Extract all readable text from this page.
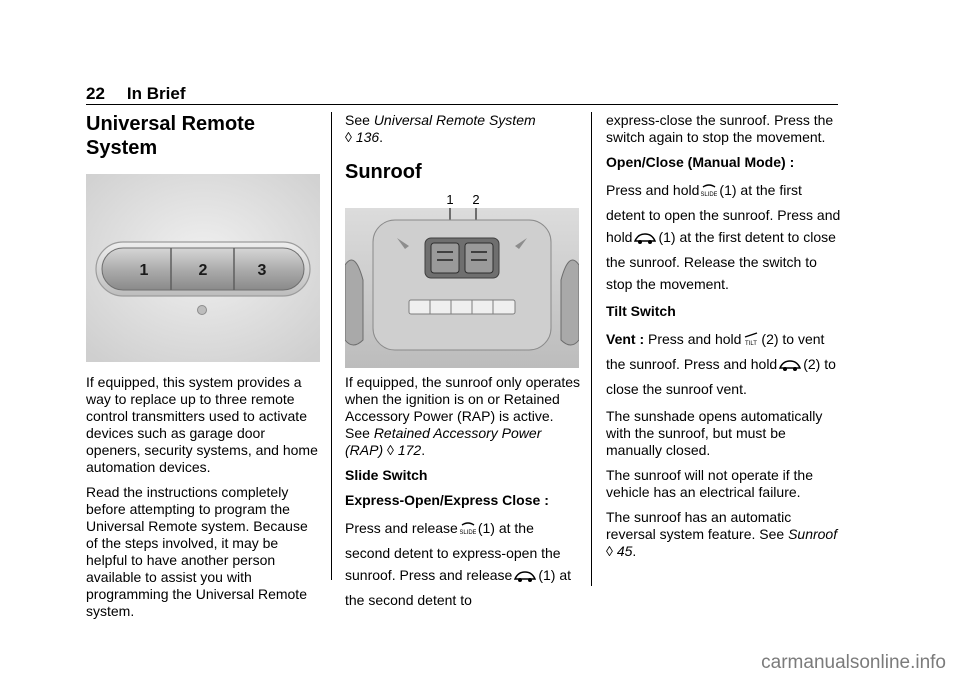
22 In Brief
Universal Remote System
1	2	3

If equipped, this system provides a way to replace up to three remote control transmitters used to activate devices such as garage door openers, security systems, and home automation devices.

Read the instructions completely before attempting to program the Universal Remote system. Because of the steps involved, it may be helpful to have another person available to assist you with programming the Universal Remote system.

See Universal Remote System
◊ 136.

Sunroof
1 2

If equipped, the sunroof only operates when the ignition is on or Retained Accessory Power (RAP) is active. See Retained Accessory Power (RAP) ◊ 172.

Slide Switch

Express-Open/Express Close :

Press and release SLIDE (1) at the second detent to express-open the sunroof. Press and release (1) at the second detent to

express-close the sunroof. Press the switch again to stop the movement.

Open/Close (Manual Mode) :

Press and hold SLIDE (1) at the first detent to open the sunroof. Press and hold (1) at the first detent to close the sunroof. Release the switch to stop the movement.

Tilt Switch

Vent : Press and hold TILT (2) to vent the sunroof. Press and hold (2) to close the sunroof vent.

The sunshade opens automatically with the sunroof, but must be manually closed.

The sunroof will not operate if the vehicle has an electrical failure.

The sunroof has an automatic reversal system feature. See Sunroof ◊ 45.

carmanualsonline.info
